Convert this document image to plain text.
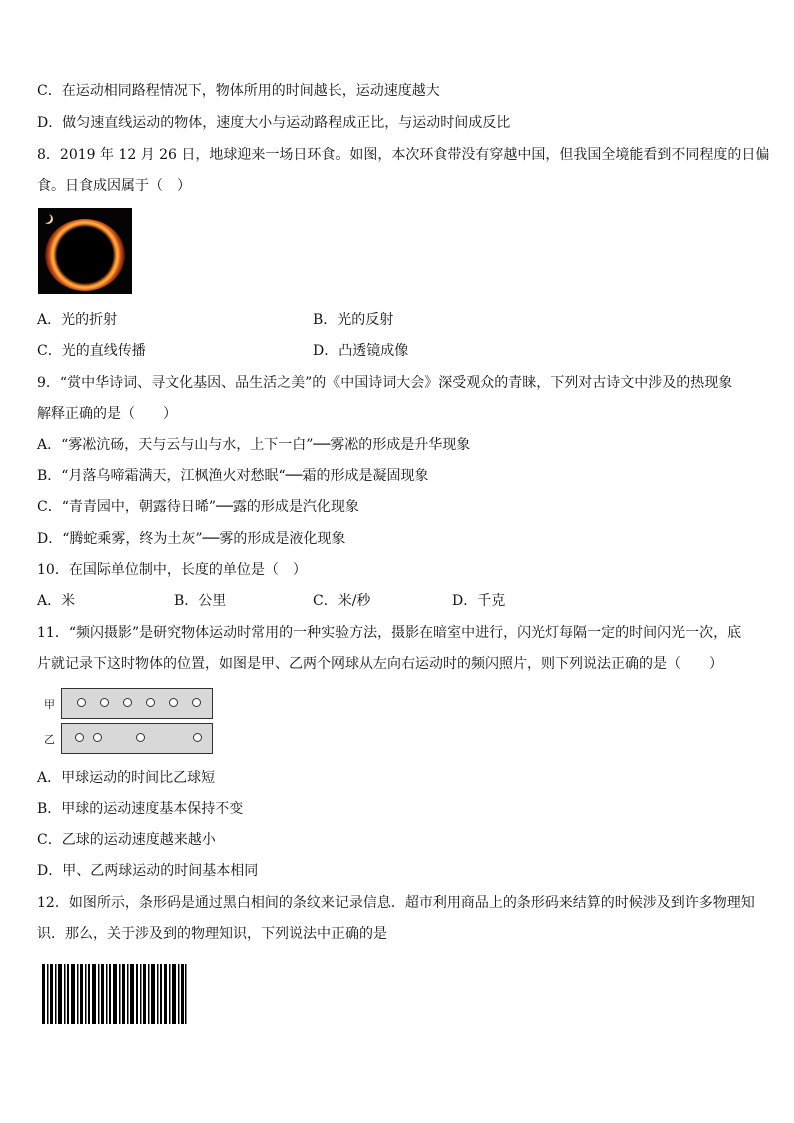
C．在运动相同路程情况下，物体所用的时间越长，运动速度越大
D．做匀速直线运动的物体，速度大小与运动路程成正比，与运动时间成反比
8．2019 年 12 月 26 日，地球迎来一场日环食。如图，本次环食带没有穿越中国，但我国全境能看到不同程度的日偏
食。日食成因属于（　）
A．光的折射	B．光的反射
C．光的直线传播	D．凸透镜成像
9．“赏中华诗词、寻文化基因、品生活之美”的《中国诗词大会》深受观众的青睐，下列对古诗文中涉及的热现象
解释正确的是（　　）
A．“雾凇沆砀，天与云与山与水，上下一白”──雾凇的形成是升华现象
B．“月落乌啼霜满天，江枫渔火对愁眠“──霜的形成是凝固现象
C．“青青园中，朝露待日晞”──露的形成是汽化现象
D．“腾蛇乘雾，终为土灰”──雾的形成是液化现象
10．在国际单位制中，长度的单位是（　）
A．米	B．公里	C．米/秒	D．千克
11．“频闪摄影”是研究物体运动时常用的一种实验方法，摄影在暗室中进行，闪光灯每隔一定的时间闪光一次，底
片就记录下这时物体的位置，如图是甲、乙两个网球从左向右运动时的频闪照片，则下列说法正确的是（　　）
甲
乙
A．甲球运动的时间比乙球短
B．甲球的运动速度基本保持不变
C．乙球的运动速度越来越小
D．甲、乙两球运动的时间基本相同
12．如图所示，条形码是通过黑白相间的条纹来记录信息．超市利用商品上的条形码来结算的时候涉及到许多物理知
识．那么，关于涉及到的物理知识，下列说法中正确的是
